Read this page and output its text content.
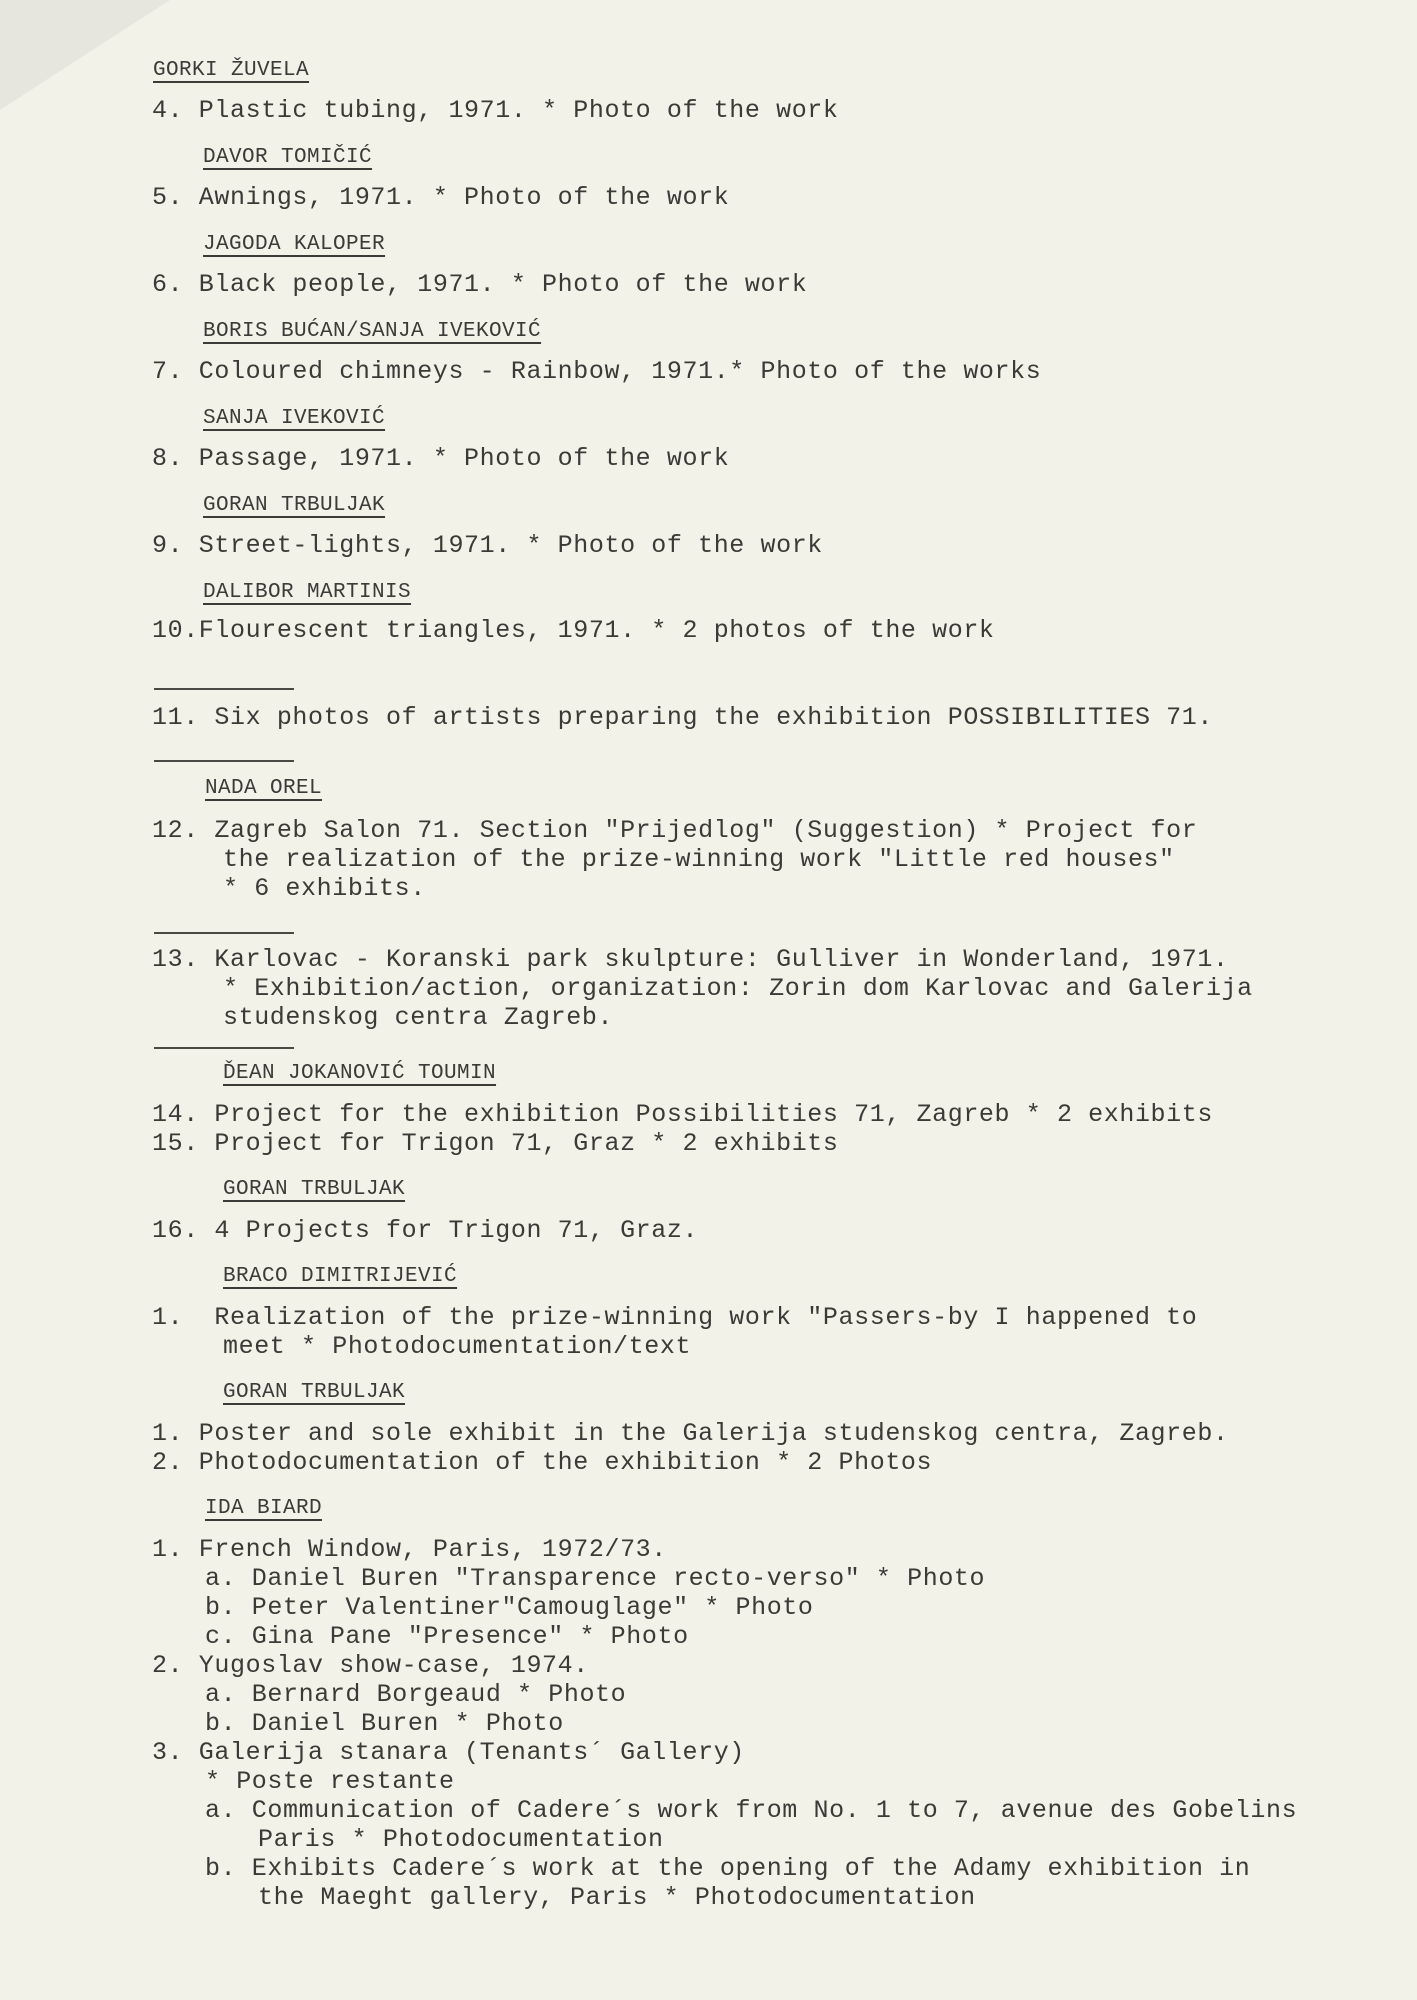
GORKI ŽUVELA
4. Plastic tubing, 1971. * Photo of the work
DAVOR TOMIČIĆ
5. Awnings, 1971. * Photo of the work
JAGODA KALOPER
6. Black people, 1971. * Photo of the work
BORIS BUĆAN/SANJA IVEKOVIĆ
7. Coloured chimneys - Rainbow, 1971.* Photo of the works
SANJA IVEKOVIĆ
8. Passage, 1971. * Photo of the work
GORAN TRBULJAK
9. Street-lights, 1971. * Photo of the work
DALIBOR MARTINIS
10.Flourescent triangles, 1971. * 2 photos of the work
11. Six photos of artists preparing the exhibition POSSIBILITIES 71.
NADA OREL
12. Zagreb Salon 71. Section "Prijedlog" (Suggestion) * Project for
the realization of the prize-winning work "Little red houses"
* 6 exhibits.
13. Karlovac - Koranski park skulpture: Gulliver in Wonderland, 1971.
* Exhibition/action, organization: Zorin dom Karlovac and Galerija
studenskog centra Zagreb.
ĎEAN JOKANOVIĆ TOUMIN
14. Project for the exhibition Possibilities 71, Zagreb * 2 exhibits
15. Project for Trigon 71, Graz * 2 exhibits
GORAN TRBULJAK
16. 4 Projects for Trigon 71, Graz.
BRACO DIMITRIJEVIĆ
1.  Realization of the prize-winning work "Passers-by I happened to
meet * Photodocumentation/text
GORAN TRBULJAK
1. Poster and sole exhibit in the Galerija studenskog centra, Zagreb.
2. Photodocumentation of the exhibition * 2 Photos
IDA BIARD
1. French Window, Paris, 1972/73.
a. Daniel Buren "Transparence recto-verso" * Photo
b. Peter Valentiner"Camouglage" * Photo
c. Gina Pane "Presence" * Photo
2. Yugoslav show-case, 1974.
a. Bernard Borgeaud * Photo
b. Daniel Buren * Photo
3. Galerija stanara (Tenants´ Gallery)
* Poste restante
a. Communication of Cadere´s work from No. 1 to 7, avenue des Gobelins
Paris * Photodocumentation
b. Exhibits Cadere´s work at the opening of the Adamy exhibition in
the Maeght gallery, Paris * Photodocumentation
